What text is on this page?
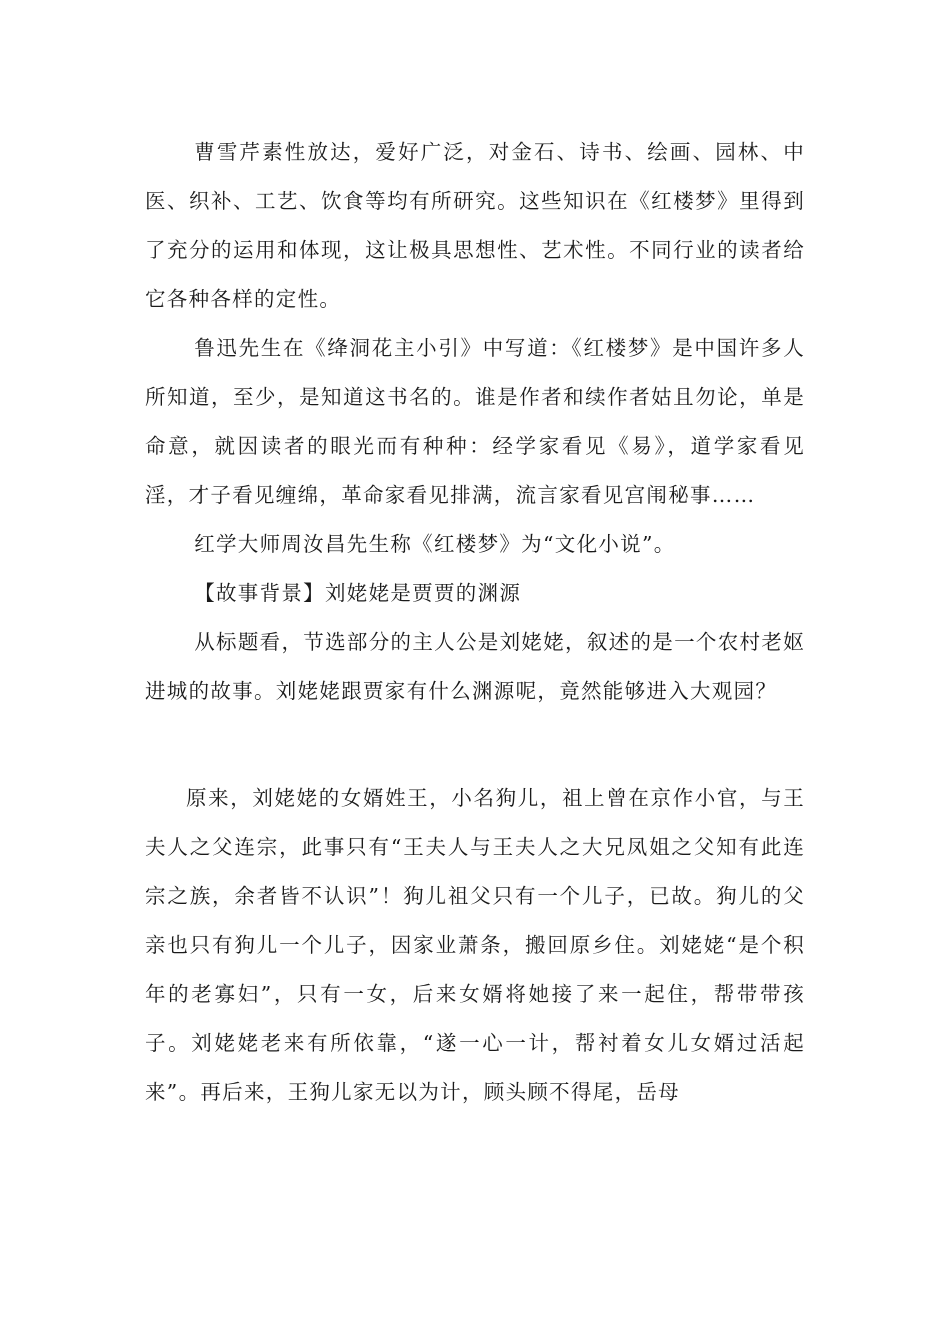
曹雪芹素性放达，爱好广泛，对金石、诗书、绘画、园林、中医、织补、工艺、饮食等均有所研究。这些知识在《红楼梦》里得到了充分的运用和体现，这让极具思想性、艺术性。不同行业的读者给它各种各样的定性。

鲁迅先生在《绛洞花主小引》中写道：《红楼梦》是中国许多人所知道，至少，是知道这书名的。谁是作者和续作者姑且勿论，单是命意，就因读者的眼光而有种种：经学家看见《易》，道学家看见淫，才子看见缠绵，革命家看见排满，流言家看见宫闱秘事……

红学大师周汝昌先生称《红楼梦》为“文化小说”。

【故事背景】刘姥姥是贾贾的渊源

从标题看，节选部分的主人公是刘姥姥，叙述的是一个农村老妪进城的故事。刘姥姥跟贾家有什么渊源呢，竟然能够进入大观园？

原来，刘姥姥的女婿姓王，小名狗儿，祖上曾在京作小官，与王夫人之父连宗，此事只有“王夫人与王夫人之大兄凤姐之父知有此连宗之族，余者皆不认识”！狗儿祖父只有一个儿子，已故。狗儿的父亲也只有狗儿一个儿子，因家业萧条，搬回原乡住。刘姥姥“是个积年的老寡妇”，只有一女，后来女婿将她接了来一起住，帮带带孩子。刘姥姥老来有所依靠，“遂一心一计，帮衬着女儿女婿过活起来”。再后来，王狗儿家无以为计，顾头顾不得尾，岳母
